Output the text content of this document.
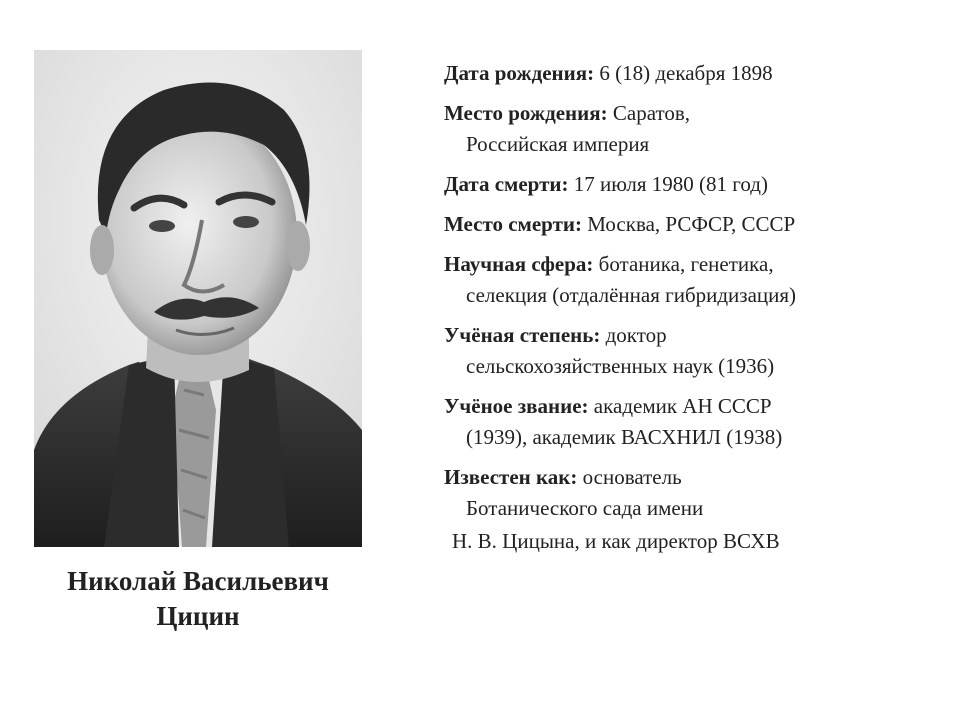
Николай Васильевич
Цицин
Дата рождения: 6 (18) декабря 1898
Место рождения: Саратов,
Российская империя
Дата смерти: 17 июля 1980 (81 год)
Место смерти: Москва, РСФСР, СССР
Научная сфера: ботаника, генетика,
селекция (отдалённая гибридизация)
Учёная степень: доктор
сельскохозяйственных наук (1936)
Учёное звание: академик АН СССР
(1939), академик ВАСХНИЛ (1938)
Известен как: основатель
Ботанического сада имени
Н. В. Цицына, и как директор ВСХВ
